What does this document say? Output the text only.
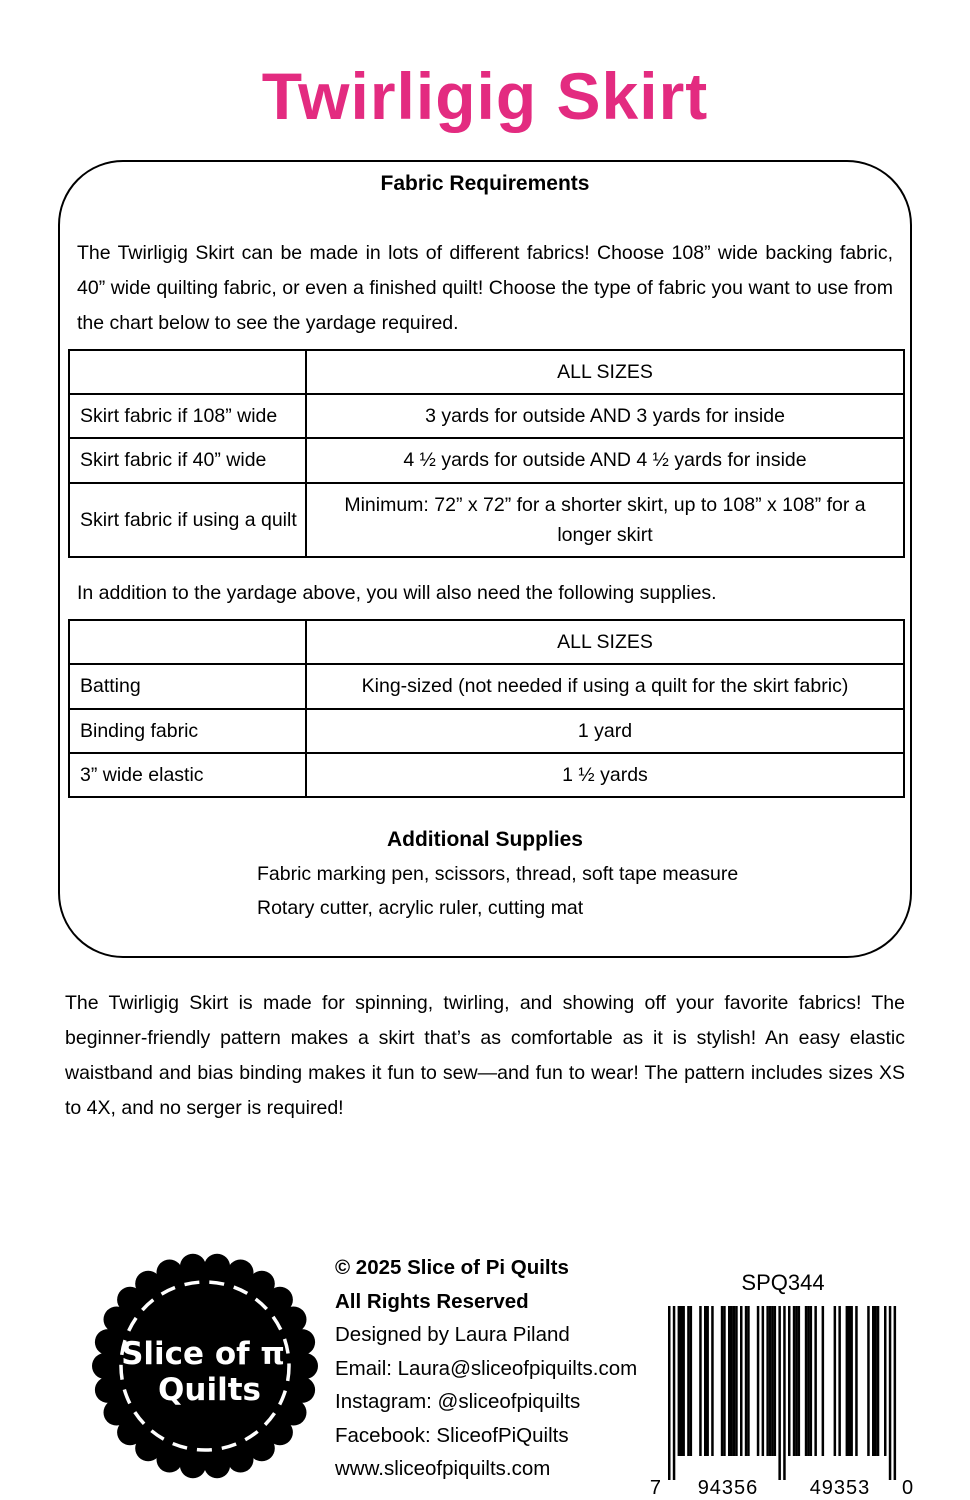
Twirligig Skirt
Fabric Requirements

The Twirligig Skirt can be made in lots of different fabrics! Choose 108” wide backing fabric, 40” wide quilting fabric, or even a finished quilt! Choose the type of fabric you want to use from the chart below to see the yardage required.

	ALL SIZES
Skirt fabric if 108” wide	3 yards for outside AND 3 yards for inside
Skirt fabric if 40” wide	4 ½ yards for outside AND 4 ½ yards for inside
Skirt fabric if using a quilt	Minimum: 72” x 72” for a shorter skirt, up to 108” x 108” for a longer skirt

In addition to the yardage above, you will also need the following supplies.

	ALL SIZES
Batting	King-sized (not needed if using a quilt for the skirt fabric)
Binding fabric	1 yard
3” wide elastic	1 ½ yards
Additional Supplies
Fabric marking pen, scissors, thread, soft tape measure
Rotary cutter, acrylic ruler, cutting mat

The Twirligig Skirt is made for spinning, twirling, and showing off your favorite fabrics! The beginner-friendly pattern makes a skirt that’s as comfortable as it is stylish! An easy elastic waistband and bias binding makes it fun to sew—and fun to wear! The pattern includes sizes XS to 4X, and no serger is required!

Slice of π
Quilts
© 2025 Slice of Pi Quilts
All Rights Reserved
Designed by Laura Piland
Email: Laura@sliceofpiquilts.com
Instagram: @sliceofpiquilts
Facebook: SliceofPiQuilts
www.sliceofpiquilts.com
SPQ344
7 94356	49353 0
